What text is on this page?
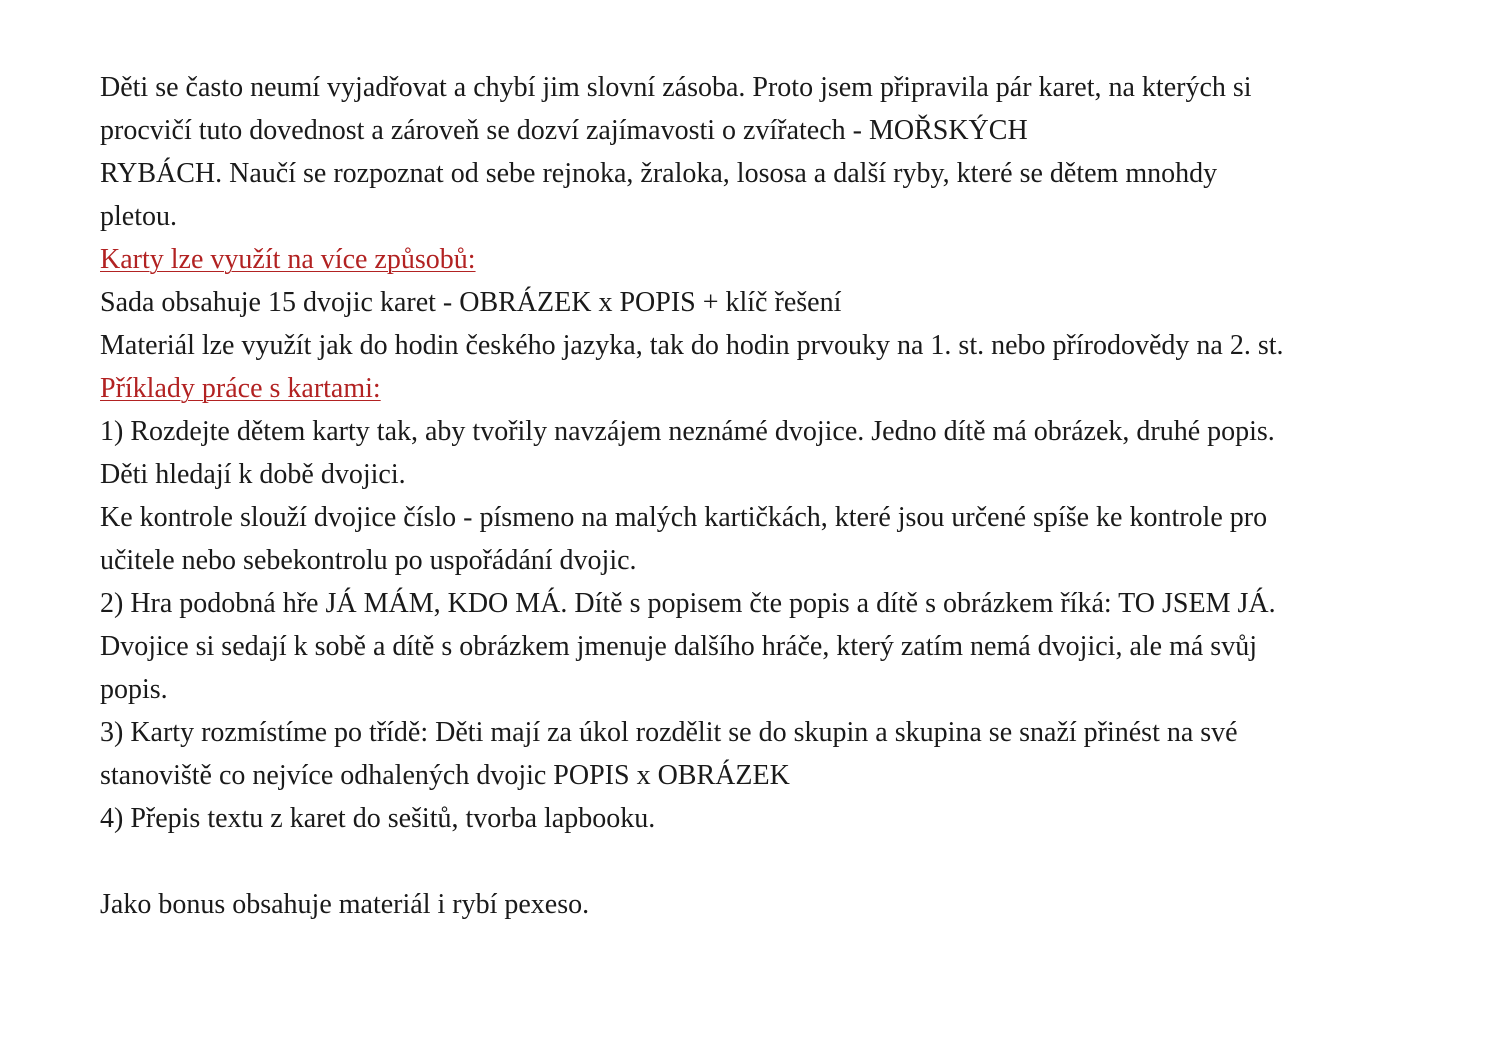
Děti se často neumí vyjadřovat a chybí jim slovní zásoba. Proto jsem připravila pár karet, na kterých si
procvičí tuto dovednost a zároveň se dozví zajímavosti o zvířatech - MOŘSKÝCH
RYBÁCH. Naučí se rozpoznat od sebe rejnoka, žraloka, lososa a další ryby, které se dětem mnohdy
pletou.
Karty lze využít na více způsobů:
Sada obsahuje 15 dvojic karet - OBRÁZEK x POPIS + klíč řešení
Materiál lze využít jak do hodin českého jazyka, tak do hodin prvouky na 1. st. nebo přírodovědy na 2. st.
Příklady práce s kartami:
1) Rozdejte dětem karty tak, aby tvořily navzájem neznámé dvojice. Jedno dítě má obrázek, druhé popis.
Děti hledají k době dvojici.
Ke kontrole slouží dvojice číslo - písmeno na malých kartičkách, které jsou určené spíše ke kontrole pro
učitele nebo sebekontrolu po uspořádání dvojic.
2) Hra podobná hře JÁ MÁM, KDO MÁ. Dítě s popisem čte popis a dítě s obrázkem říká: TO JSEM JÁ.
Dvojice si sedají k sobě a dítě s obrázkem jmenuje dalšího hráče, který zatím nemá dvojici, ale má svůj
popis.
3) Karty rozmístíme po třídě: Děti mají za úkol rozdělit se do skupin a skupina se snaží přinést na své
stanoviště co nejvíce odhalených dvojic POPIS x OBRÁZEK
4) Přepis textu z karet do sešitů, tvorba lapbooku.
Jako bonus obsahuje materiál i rybí pexeso.
